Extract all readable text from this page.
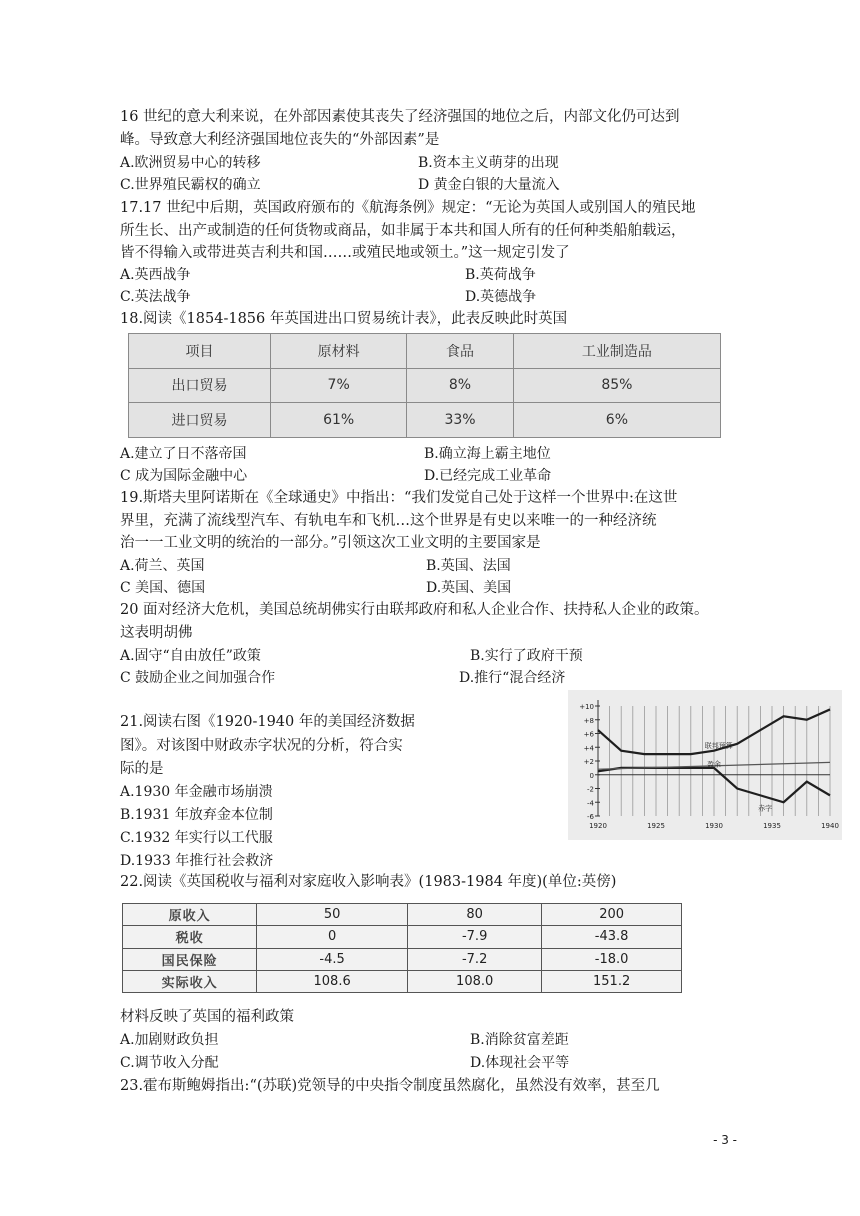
16 世纪的意大利来说，在外部因素使其丧失了经济强国的地位之后，内部文化仍可达到
峰。导致意大利经济强国地位丧失的“外部因素”是
A.欧洲贸易中心的转移	B.资本主义萌芽的出现
C.世界殖民霸权的确立	D 黄金白银的大量流入
17.17 世纪中后期，英国政府颁布的《航海条例》规定：“无论为英国人或别国人的殖民地
所生长、出产或制造的任何货物或商品，如非属于本共和国人所有的任何种类船舶载运，
皆不得输入或带进英吉利共和国……或殖民地或领土。”这一规定引发了
A.英西战争	B.英荷战争
C.英法战争	D.英德战争
18.阅读《1854-1856 年英国进出口贸易统计表》，此表反映此时英国
项目	原材料	食品	工业制造品
出口贸易	7%	8%	85%
进口贸易	61%	33%	6%
A.建立了日不落帝国	B.确立海上霸主地位
C 成为国际金融中心	D.已经完成工业革命
19.斯塔夫里阿诺斯在《全球通史》中指出：“我们发觉自己处于这样一个世界中:在这世
界里，充满了流线型汽车、有轨电车和飞机…这个世界是有史以来唯一的一种经济统
治一一工业文明的统治的一部分。”引领这次工业文明的主要国家是
A.荷兰、英国	B.英国、法国
C 美国、德国	D.英国、美国
20 面对经济大危机，美国总统胡佛实行由联邦政府和私人企业合作、扶持私人企业的政策。
这表明胡佛
A.固守“自由放任”政策	B.实行了政府干预
C 鼓励企业之间加强合作	D.推行“混合经济
21.阅读右图《1920-1940 年的美国经济数据
图》。对该图中财政赤字状况的分析，符合实
际的是
A.1930 年金融市场崩溃
B.1931 年放弃金本位制
C.1932 年实行以工代服
D.1933 年推行社会救济
+10
+8
+6
+4
+2
0
-2
-4
-6
1920	1925	1930	1935	1940
联邦预算
盈余
赤字
22.阅读《英国税收与福利对家庭收入影响表》(1983-1984 年度)(单位:英傍)
原收入	50	80	200
税收	0	-7.9	-43.8
国民保险	-4.5	-7.2	-18.0
实际收入	108.6	108.0	151.2
材料反映了英国的福利政策
A.加剧财政负担	B.消除贫富差距
C.调节收入分配	D.体现社会平等
23.霍布斯鲍姆指出:“(苏联)党领导的中央指令制度虽然腐化，虽然没有效率，甚至几
- 3 -
